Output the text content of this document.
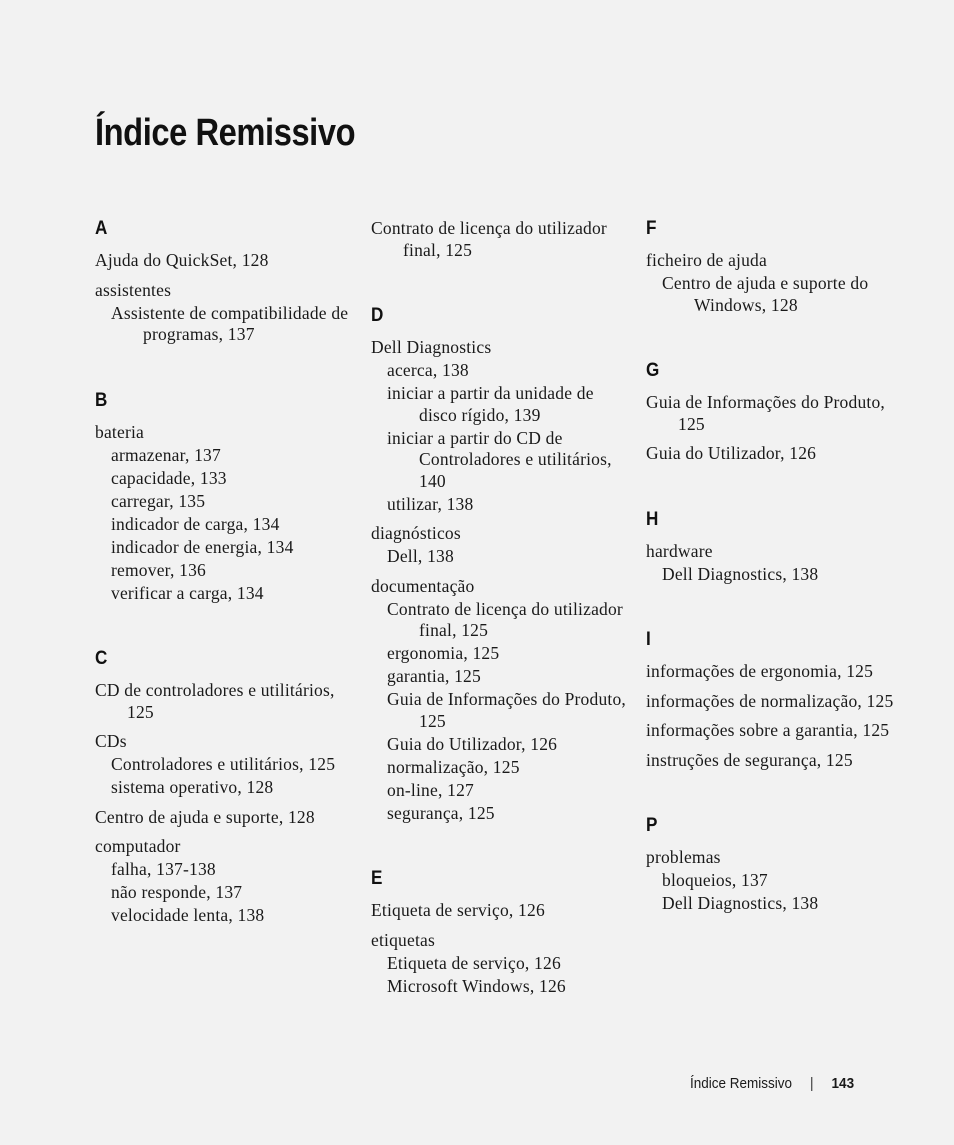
Índice Remissivo
A
Ajuda do QuickSet, 128
assistentes
Assistente de compatibilidade de programas, 137
B
bateria
armazenar, 137
capacidade, 133
carregar, 135
indicador de carga, 134
indicador de energia, 134
remover, 136
verificar a carga, 134
C
CD de controladores e utilitários, 125
CDs
Controladores e utilitários, 125
sistema operativo, 128
Centro de ajuda e suporte, 128
computador
falha, 137-138
não responde, 137
velocidade lenta, 138
Contrato de licença do utilizador final, 125
D
Dell Diagnostics
acerca, 138
iniciar a partir da unidade de disco rígido, 139
iniciar a partir do CD de Controladores e utilitários, 140
utilizar, 138
diagnósticos
Dell, 138
documentação
Contrato de licença do utilizador final, 125
ergonomia, 125
garantia, 125
Guia de Informações do Produto, 125
Guia do Utilizador, 126
normalização, 125
on-line, 127
segurança, 125
E
Etiqueta de serviço, 126
etiquetas
Etiqueta de serviço, 126
Microsoft Windows, 126
F
ficheiro de ajuda
Centro de ajuda e suporte do Windows, 128
G
Guia de Informações do Produto, 125
Guia do Utilizador, 126
H
hardware
Dell Diagnostics, 138
I
informações de ergonomia, 125
informações de normalização, 125
informações sobre a garantia, 125
instruções de segurança, 125
P
problemas
bloqueios, 137
Dell Diagnostics, 138
Índice Remissivo | 143
